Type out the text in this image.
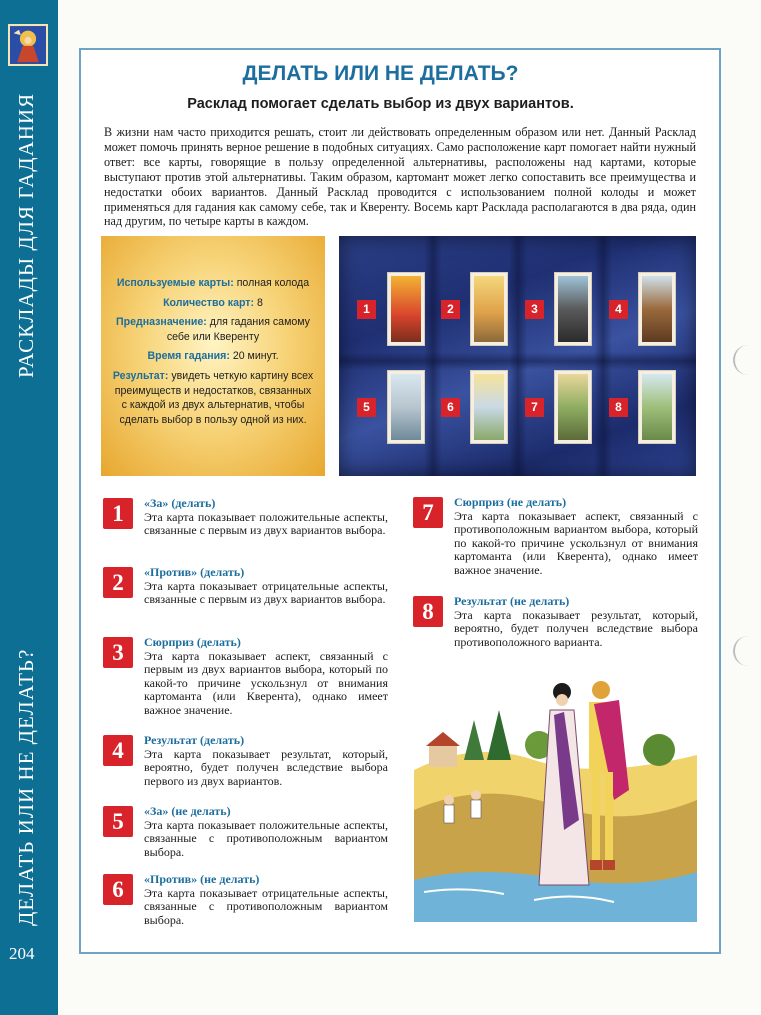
РАСКЛАДЫ ДЛЯ ГАДАНИЯ
ДЕЛАТЬ ИЛИ НЕ ДЕЛАТЬ?
204
ДЕЛАТЬ ИЛИ НЕ ДЕЛАТЬ?
Расклад помогает сделать выбор из двух вариантов.
В жизни нам часто приходится решать, стоит ли действовать определенным образом или нет. Данный Расклад может помочь принять верное решение в подобных ситуациях. Само расположение карт помогает найти нужный ответ: все карты, говорящие в пользу определенной альтернативы, расположены над картами, которые выступают против этой альтернативы. Таким образом, картомант может легко сопоставить все преимущества и недостатки обоих вариантов. Данный Расклад проводится с использованием полной колоды и может применяться для гадания как самому себе, так и Кверенту. Восемь карт Расклада располагаются в два ряда, один над другим, по четыре карты в каждом.

Используемые карты: полная колода

Количество карт: 8

Предназначение: для гадания самому себе или Кверенту

Время гадания: 20 минут.

Результат: увидеть четкую картину всех преимуществ и недостатков, связанных с каждой из двух альтернатив, чтобы сделать выбор в пользу одной из них.

1	2	3	4
5	6	7	8
1	«За» (делать)

Эта карта показывает положительные аспекты, связанные с первым из двух вариантов выбора.

2	«Против» (делать)

Эта карта показывает отрицательные аспекты, связанные с первым из двух вариантов выбора.

3	Сюрприз (делать)

Эта карта показывает аспект, связанный с первым из двух вариантов выбора, который по какой-то причине ускользнул от внимания картоманта (или Кверента), однако имеет важное значение.

4	Результат (делать)

Эта карта показывает результат, который, вероятно, будет получен вследствие выбора первого из двух вариантов.

5	«За» (не делать)

Эта карта показывает положительные аспекты, связанные с противоположным вариантом выбора.

6	«Против» (не делать)

Эта карта показывает отрицательные аспекты, связанные с противоположным вариантом выбора.

7	Сюрприз (не делать)

Эта карта показывает аспект, связанный с противоположным вариантом выбора, который по какой-то причине ускользнул от внимания картоманта (или Кверента), однако имеет важное значение.

8	Результат (не делать)

Эта карта показывает результат, который, вероятно, будет получен вследствие выбора противоположного варианта.
